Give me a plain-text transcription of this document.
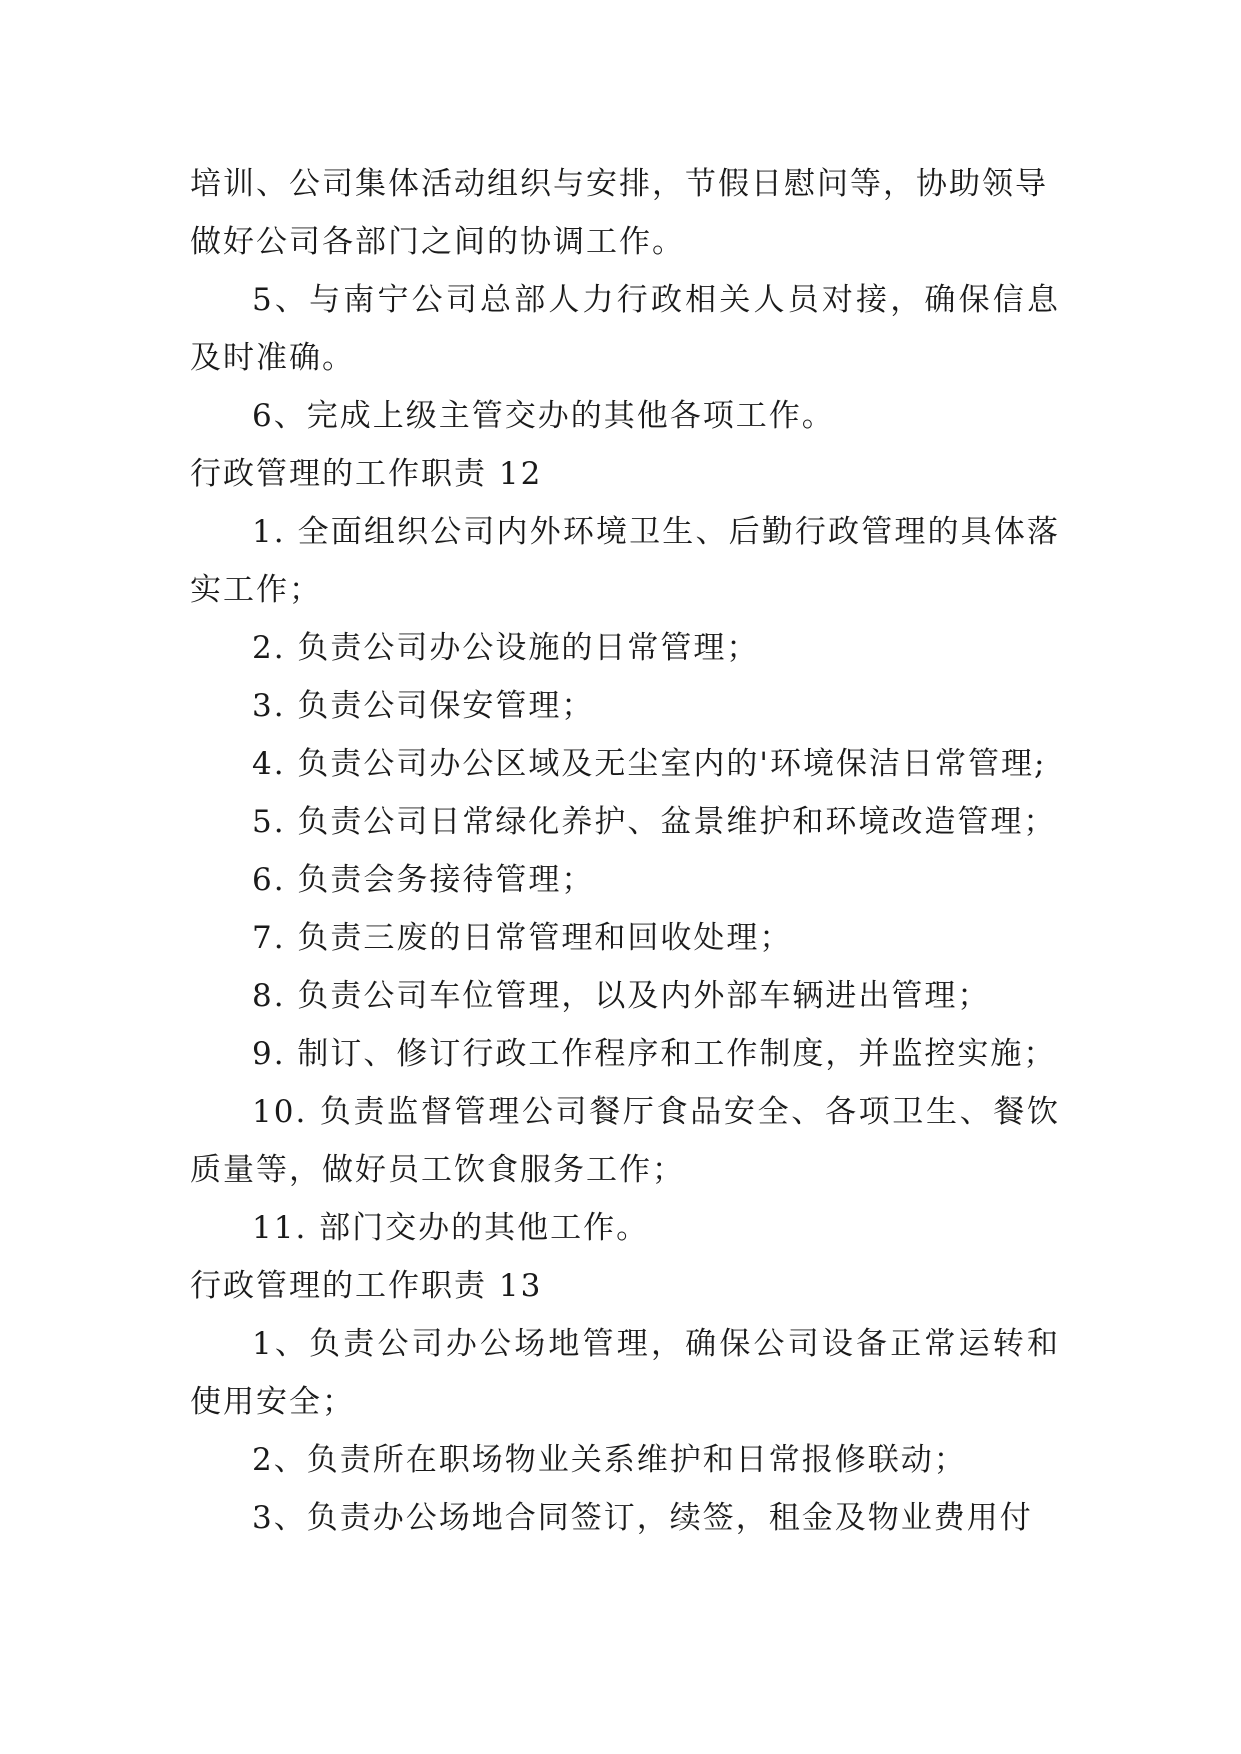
培训、公司集体活动组织与安排，节假日慰问等，协助领导做好公司各部门之间的协调工作。

5、与南宁公司总部人力行政相关人员对接，确保信息及时准确。

6、完成上级主管交办的其他各项工作。

行政管理的工作职责 12

1. 全面组织公司内外环境卫生、后勤行政管理的具体落实工作；

2. 负责公司办公设施的日常管理；

3. 负责公司保安管理；

4. 负责公司办公区域及无尘室内的'环境保洁日常管理;

5. 负责公司日常绿化养护、盆景维护和环境改造管理；

6. 负责会务接待管理；

7. 负责三废的日常管理和回收处理；

8. 负责公司车位管理，以及内外部车辆进出管理；

9. 制订、修订行政工作程序和工作制度，并监控实施；

10. 负责监督管理公司餐厅食品安全、各项卫生、餐饮质量等，做好员工饮食服务工作；

11. 部门交办的其他工作。

行政管理的工作职责 13

1、负责公司办公场地管理，确保公司设备正常运转和使用安全；

2、负责所在职场物业关系维护和日常报修联动；

3、负责办公场地合同签订，续签，租金及物业费用付
